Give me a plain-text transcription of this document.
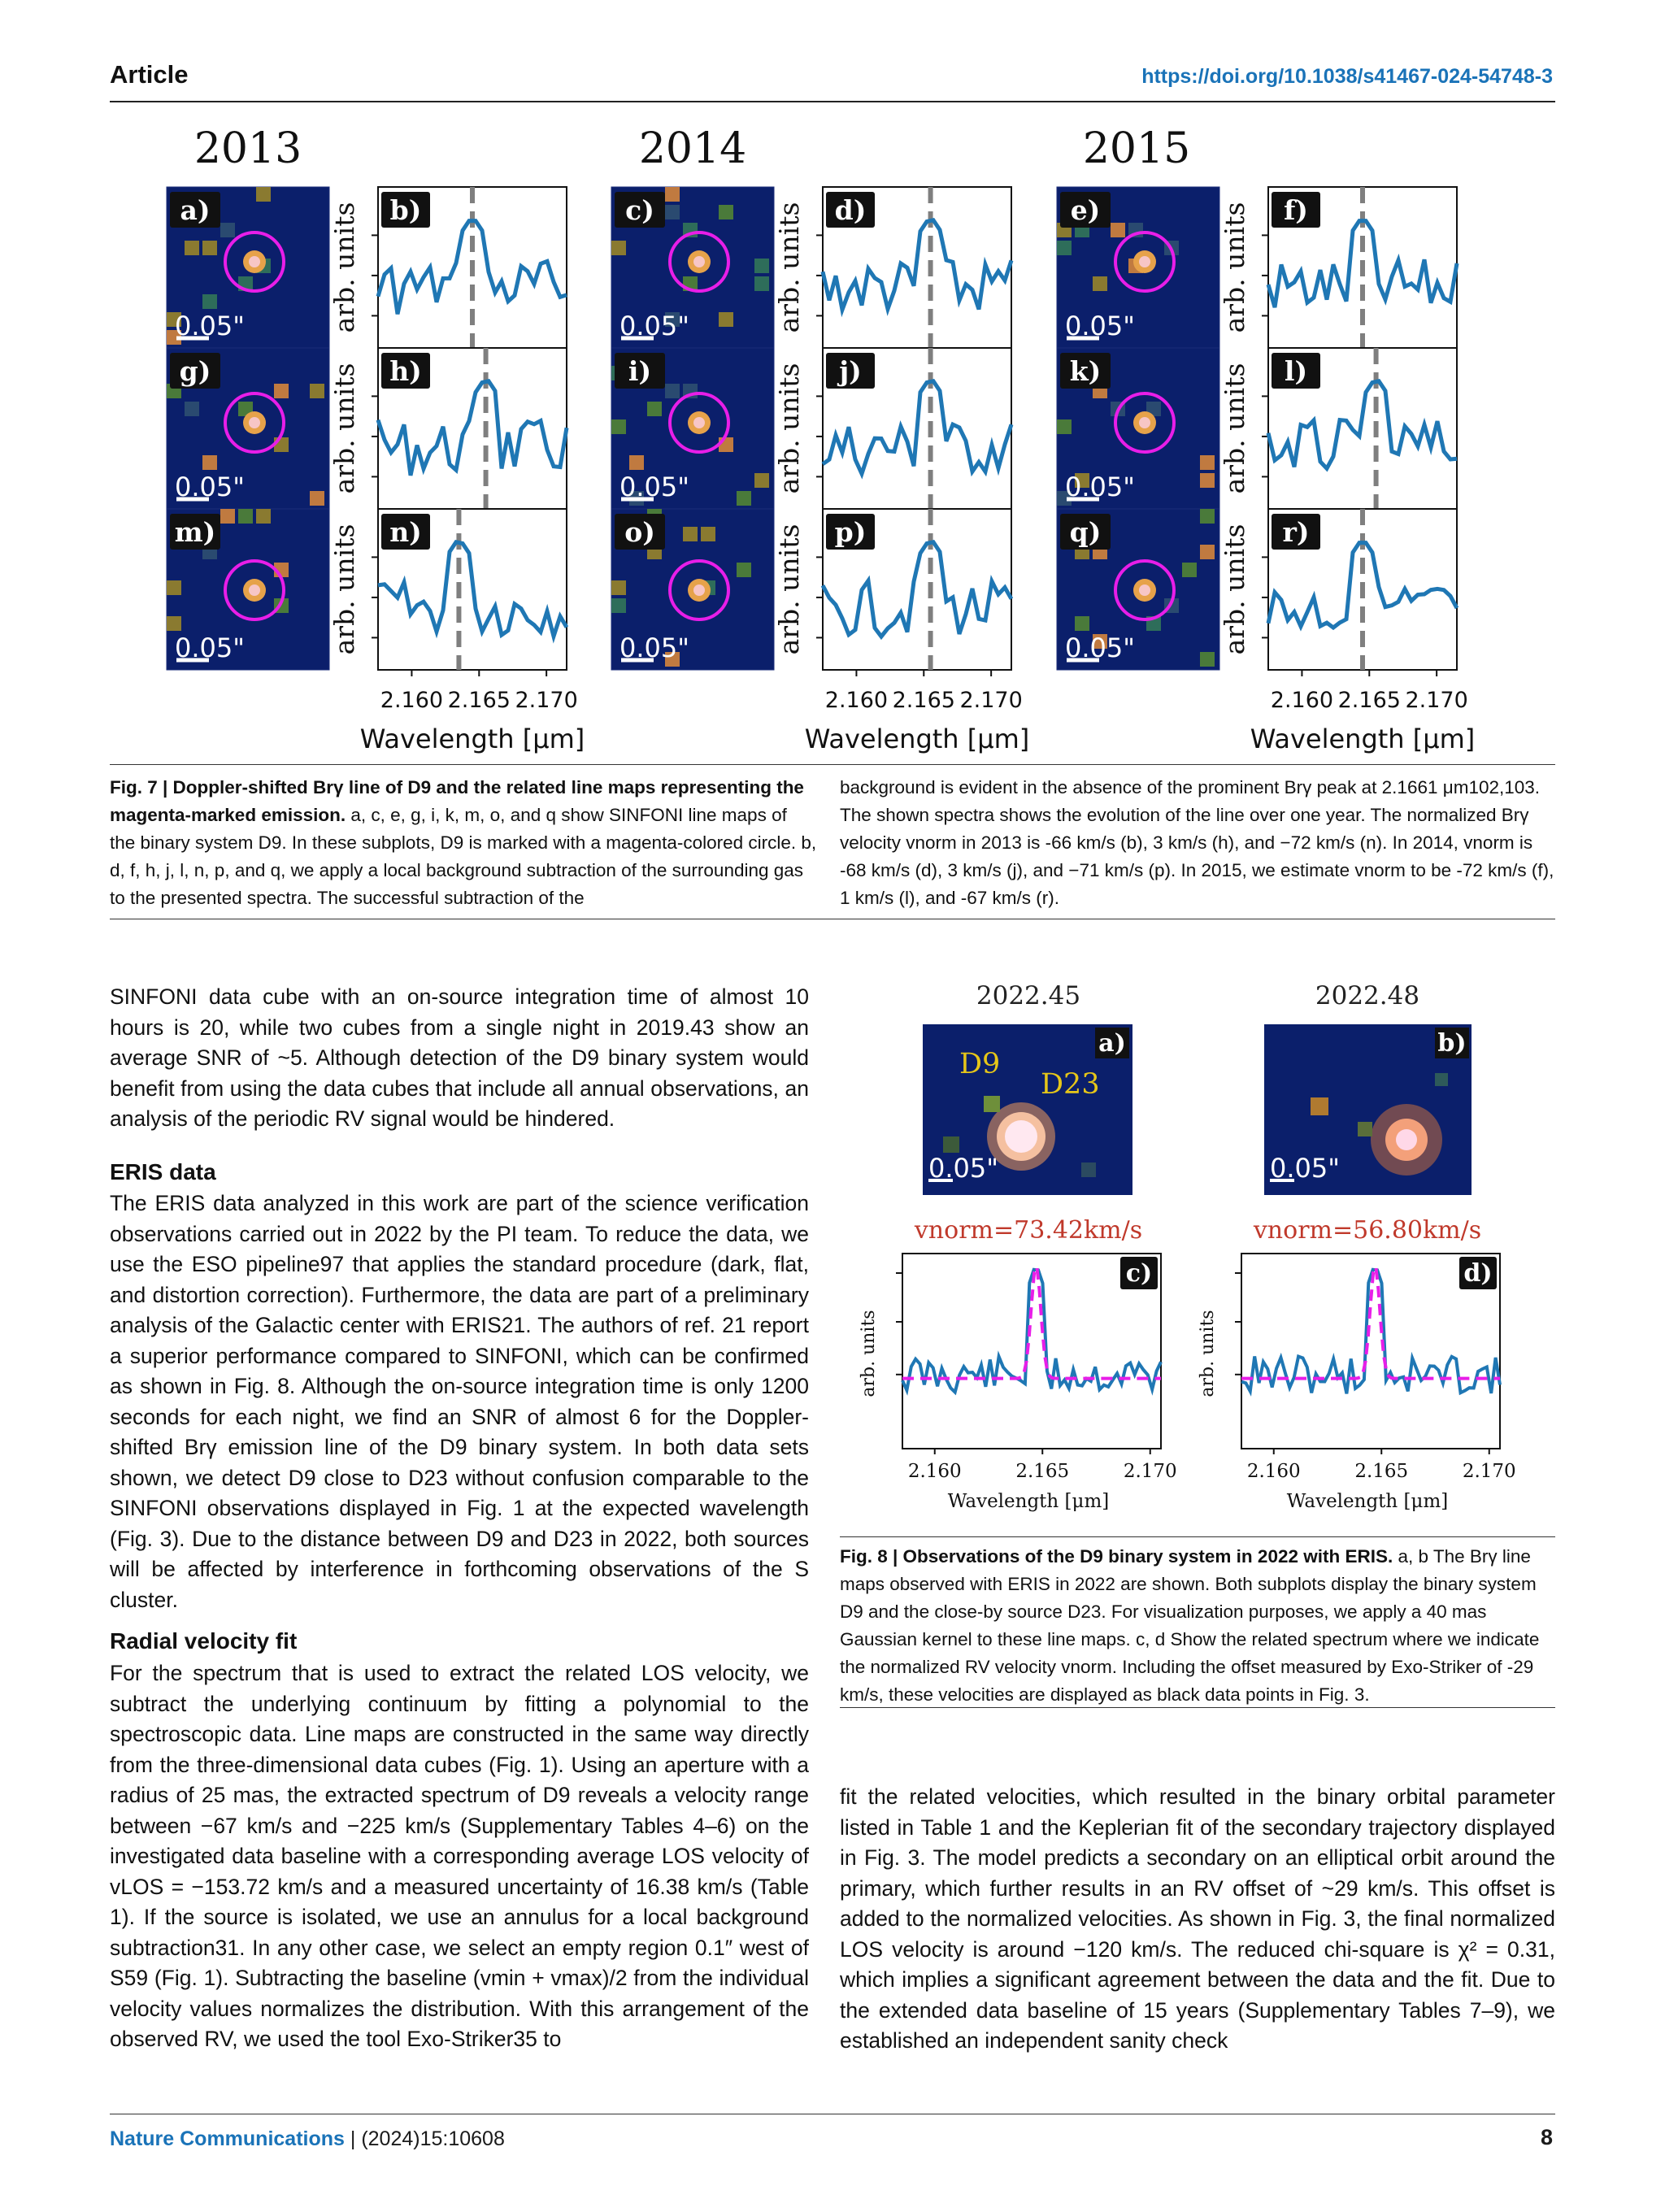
Article	https://doi.org/10.1038/s41467-024-54748-3
2013	2014	2015
a)
0.05"
b)
arb. units
g)
0.05"
h)
arb. units
m)
0.05"
n)
arb. units
2.160 2.165 2.170
Wavelength [μm]
c)
0.05"
d)
arb. units
i)
0.05"
j)
arb. units
o)
0.05"
p)
arb. units
2.160 2.165 2.170
Wavelength [μm]
e)
0.05"
f)
arb. units
k)
0.05"
l)
arb. units
q)
0.05"
r)
arb. units
2.160 2.165 2.170
Wavelength [μm]
Fig. 7 | Doppler-shifted Brγ line of D9 and the related line maps representing the magenta-marked emission. a, c, e, g, i, k, m, o, and q show SINFONI line maps of the binary system D9. In these subplots, D9 is marked with a magenta-colored circle. b, d, f, h, j, l, n, p, and q, we apply a local background subtraction of the surrounding gas to the presented spectra. The successful subtraction of the
background is evident in the absence of the prominent Brγ peak at 2.1661 μm102,103. The shown spectra shows the evolution of the line over one year. The normalized Brγ velocity vnorm in 2013 is -66 km/s (b), 3 km/s (h), and −72 km/s (n). In 2014, vnorm is -68 km/s (d), 3 km/s (j), and −71 km/s (p). In 2015, we estimate vnorm to be -72 km/s (f), 1 km/s (l), and -67 km/s (r).
SINFONI data cube with an on-source integration time of almost 10 hours is 20, while two cubes from a single night in 2019.43 show an average SNR of ~5. Although detection of the D9 binary system would benefit from using the data cubes that include all annual observations, an analysis of the periodic RV signal would be hindered.
ERIS data
The ERIS data analyzed in this work are part of the science verification observations carried out in 2022 by the PI team. To reduce the data, we use the ESO pipeline97 that applies the standard procedure (dark, flat, and distortion correction). Furthermore, the data are part of a preliminary analysis of the Galactic center with ERIS21. The authors of ref. 21 report a superior performance compared to SINFONI, which can be confirmed as shown in Fig. 8. Although the on-source integration time is only 1200 seconds for each night, we find an SNR of almost 6 for the Doppler-shifted Brγ emission line of the D9 binary system. In both data sets shown, we detect D9 close to D23 without confusion comparable to the SINFONI observations displayed in Fig. 1 at the expected wavelength (Fig. 3). Due to the distance between D9 and D23 in 2022, both sources will be affected by interference in forthcoming observations of the S cluster.
Radial velocity fit
For the spectrum that is used to extract the related LOS velocity, we subtract the underlying continuum by fitting a polynomial to the spectroscopic data. Line maps are constructed in the same way directly from the three-dimensional data cubes (Fig. 1). Using an aperture with a radius of 25 mas, the extracted spectrum of D9 reveals a velocity range between −67 km/s and −225 km/s (Supplementary Tables 4–6) on the investigated data baseline with a corresponding average LOS velocity of vLOS = −153.72 km/s and a measured uncertainty of 16.38 km/s (Table 1). If the source is isolated, we use an annulus for a local background subtraction31. In any other case, we select an empty region 0.1″ west of S59 (Fig. 1). Subtracting the baseline (vmin + vmax)/2 from the individual velocity values normalizes the distribution. With this arrangement of the observed RV, we used the tool Exo-Striker35 to
2022.45	2022.48
D9
D23
a)
0.05"
b)
0.05"
vnorm=73.42km/s	vnorm=56.80km/s
c)
2.160	2.165	2.170
d)
2.160	2.165	2.170
arb. units	arb. units
Wavelength [μm]	Wavelength [μm]
Fig. 8 | Observations of the D9 binary system in 2022 with ERIS. a, b The Brγ line maps observed with ERIS in 2022 are shown. Both subplots display the binary system D9 and the close-by source D23. For visualization purposes, we apply a 40 mas Gaussian kernel to these line maps. c, d Show the related spectrum where we indicate the normalized RV velocity vnorm. Including the offset measured by Exo-Striker of -29 km/s, these velocities are displayed as black data points in Fig. 3.
fit the related velocities, which resulted in the binary orbital parameter listed in Table 1 and the Keplerian fit of the secondary trajectory displayed in Fig. 3. The model predicts a secondary on an elliptical orbit around the primary, which further results in an RV offset of ~29 km/s. This offset is added to the normalized velocities. As shown in Fig. 3, the final normalized LOS velocity is around −120 km/s. The reduced chi-square is χ² = 0.31, which implies a significant agreement between the data and the fit. Due to the extended data baseline of 15 years (Supplementary Tables 7–9), we established an independent sanity check
Nature Communications | (2024)15:10608	8
